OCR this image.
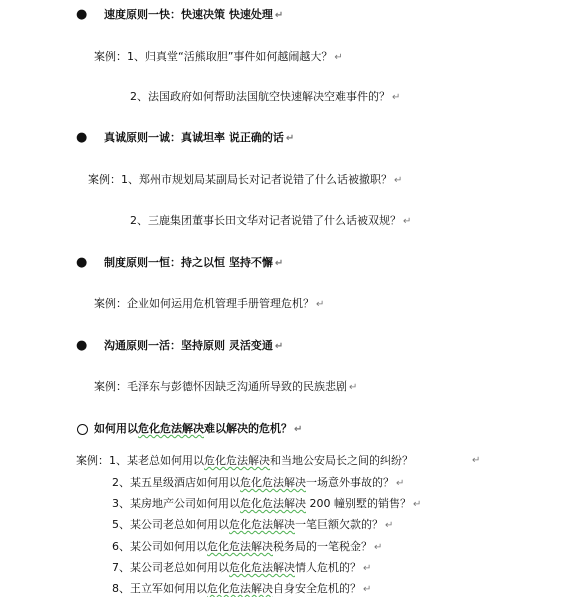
● 速度原则一快：快速决策 快速处理 ↵
案例：1、归真堂“活熊取胆”事件如何越闹越大？ ↵
2、法国政府如何帮助法国航空快速解决空难事件的？ ↵
● 真诚原则一诚：真诚坦率 说正确的话 ↵
案例：1、郑州市规划局某副局长对记者说错了什么话被撤职？ ↵
2、三鹿集团董事长田文华对记者说错了什么话被双规？ ↵
● 制度原则一恒：持之以恒 坚持不懈 ↵
案例：企业如何运用危机管理手册管理危机？ ↵
● 沟通原则一活：坚持原则 灵活变通 ↵
案例：毛泽东与彭德怀因缺乏沟通所导致的民族悲剧 ↵
如何用以危化危法解决难以解决的危机？ ↵
案例：1、某老总如何用以危化危法解决和当地公安局长之间的纠纷？	↵
2、某五星级酒店如何用以危化危法解决一场意外事故的？ ↵
3、某房地产公司如何用以危化危法解决 200 幢别墅的销售？ ↵
5、某公司老总如何用以危化危法解决一笔巨额欠款的？ ↵
6、某公司如何用以危化危法解决税务局的一笔税金？ ↵
7、某公司老总如何用以危化危法解决情人危机的？ ↵
8、王立军如何用以危化危法解决自身安全危机的？ ↵
